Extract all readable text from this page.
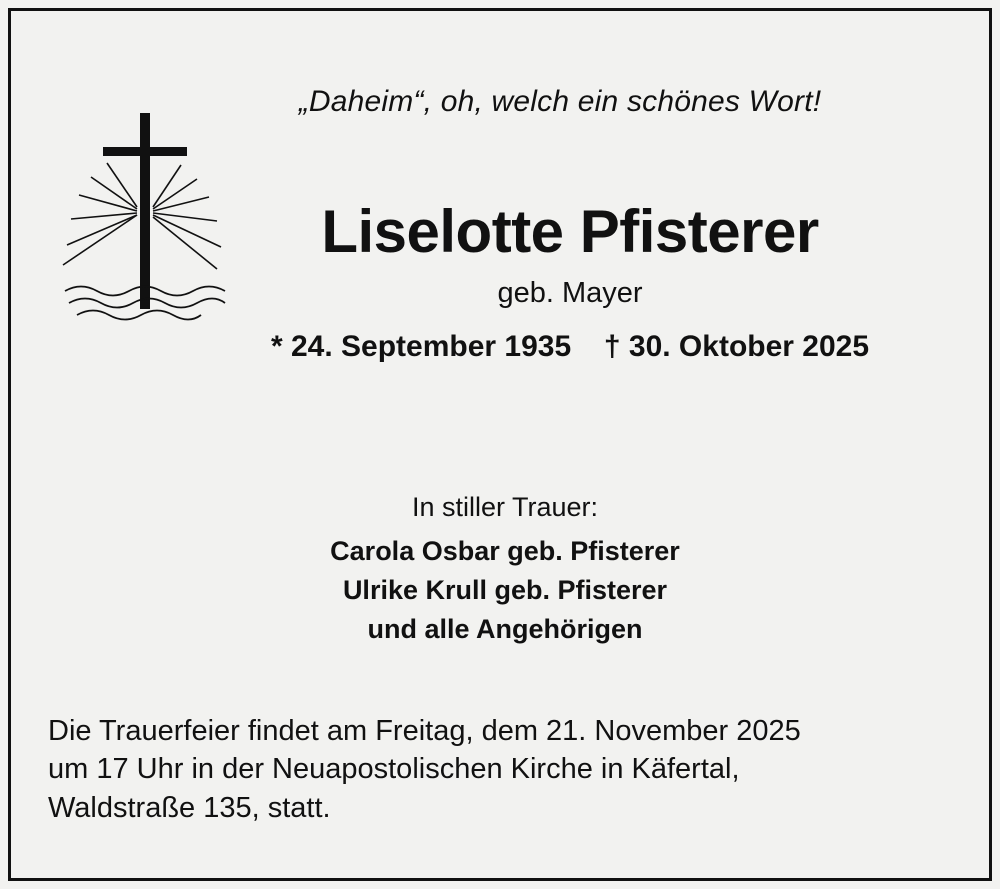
„Daheim“, oh, welch ein schönes Wort!
Liselotte Pfisterer
geb. Mayer
* 24. September 1935 † 30. Oktober 2025
In stiller Trauer:
Carola Osbar geb. Pfisterer
Ulrike Krull geb. Pfisterer
und alle Angehörigen
Die Trauerfeier findet am Freitag, dem 21. November 2025
um 17 Uhr in der Neuapostolischen Kirche in Käfertal,
Waldstraße 135, statt.
